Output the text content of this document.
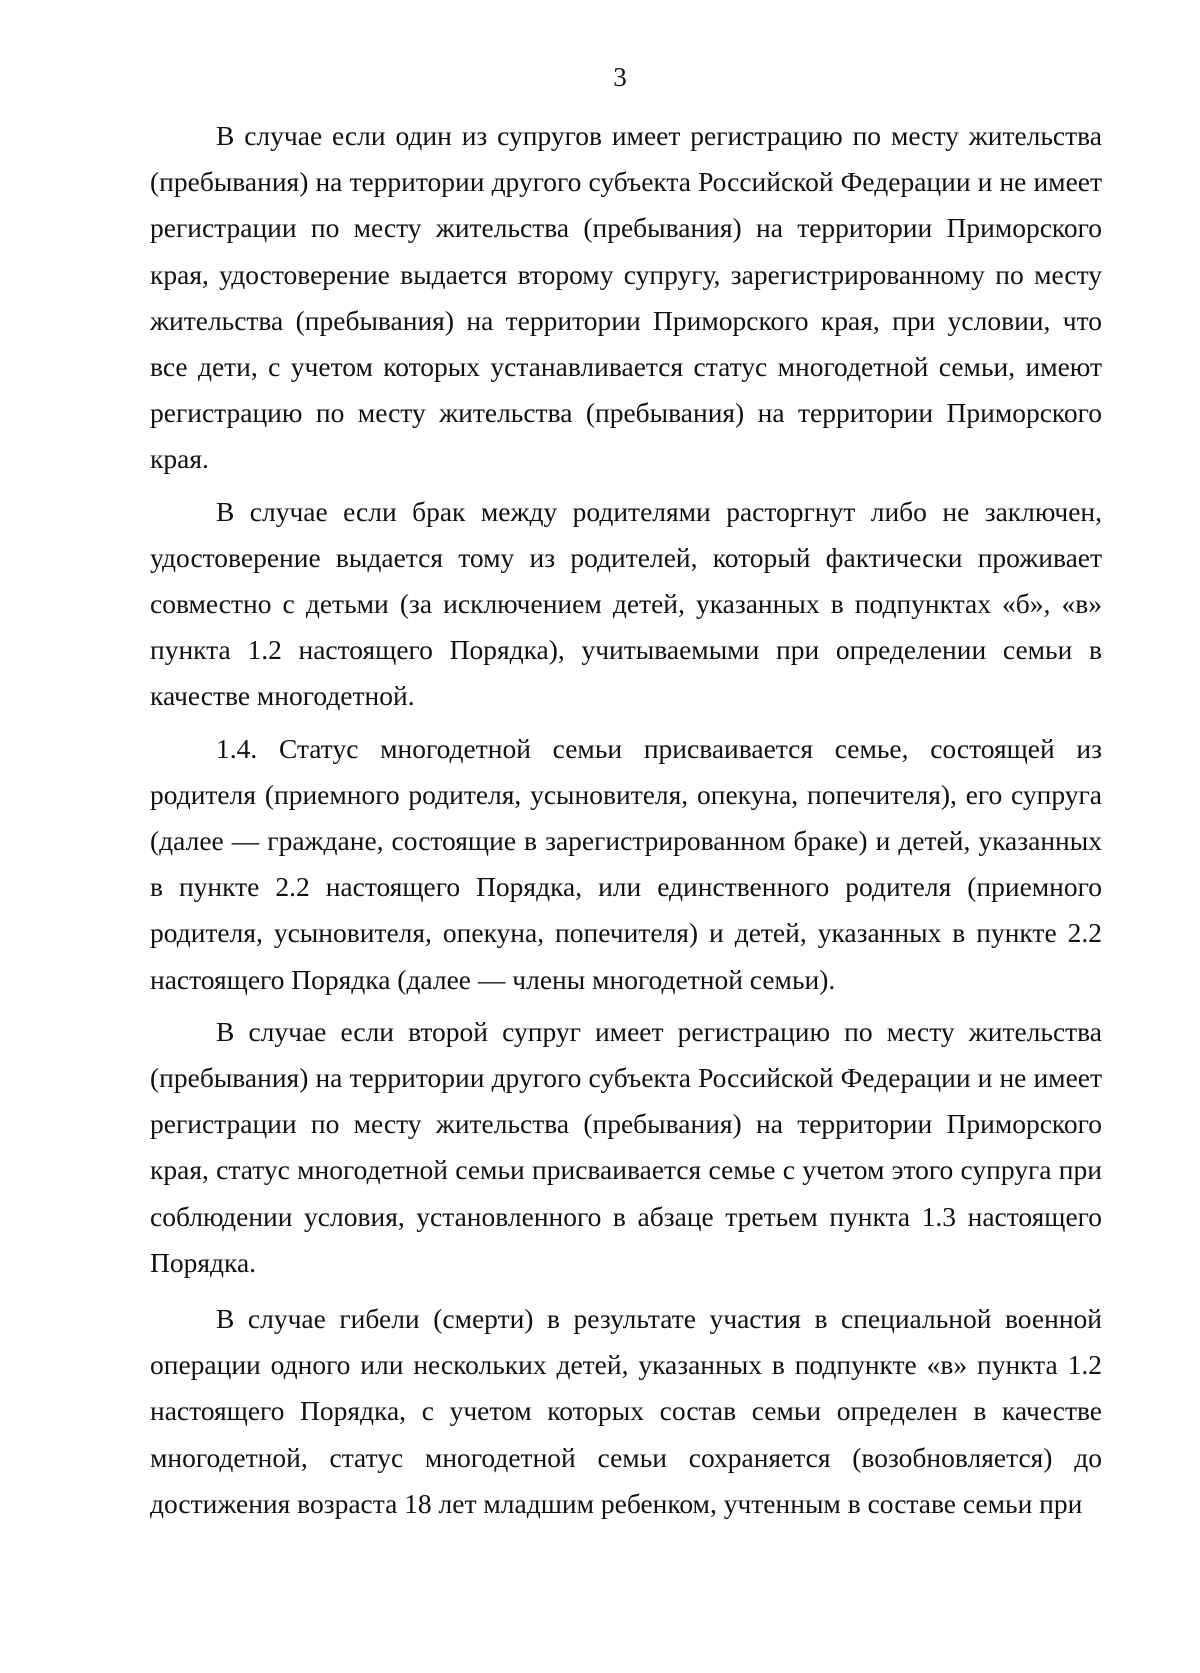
3

В случае если один из супругов имеет регистрацию по месту жительства (пребывания) на территории другого субъекта Российской Федерации и не имеет регистрации по месту жительства (пребывания) на территории Приморского края, удостоверение выдается второму супругу, зарегистрированному по месту жительства (пребывания) на территории Приморского края, при условии, что все дети, с учетом которых устанавливается статус многодетной семьи, имеют регистрацию по месту жительства (пребывания) на территории Приморского края.

В случае если брак между родителями расторгнут либо не заключен, удостоверение выдается тому из родителей, который фактически проживает совместно с детьми (за исключением детей, указанных в подпунктах «б», «в» пункта 1.2 настоящего Порядка), учитываемыми при определении семьи в качестве многодетной.

1.4. Статус многодетной семьи присваивается семье, состоящей из родителя (приемного родителя, усыновителя, опекуна, попечителя), его супруга (далее — граждане, состоящие в зарегистрированном браке) и детей, указанных в пункте 2.2 настоящего Порядка, или единственного родителя (приемного родителя, усыновителя, опекуна, попечителя) и детей, указанных в пункте 2.2 настоящего Порядка (далее — члены многодетной семьи).

В случае если второй супруг имеет регистрацию по месту жительства (пребывания) на территории другого субъекта Российской Федерации и не имеет регистрации по месту жительства (пребывания) на территории Приморского края, статус многодетной семьи присваивается семье с учетом этого супруга при соблюдении условия, установленного в абзаце третьем пункта 1.3 настоящего Порядка.

В случае гибели (смерти) в результате участия в специальной военной операции одного или нескольких детей, указанных в подпункте «в» пункта 1.2 настоящего Порядка, с учетом которых состав семьи определен в качестве многодетной, статус многодетной семьи сохраняется (возобновляется) до достижения возраста 18 лет младшим ребенком, учтенным в составе семьи при
